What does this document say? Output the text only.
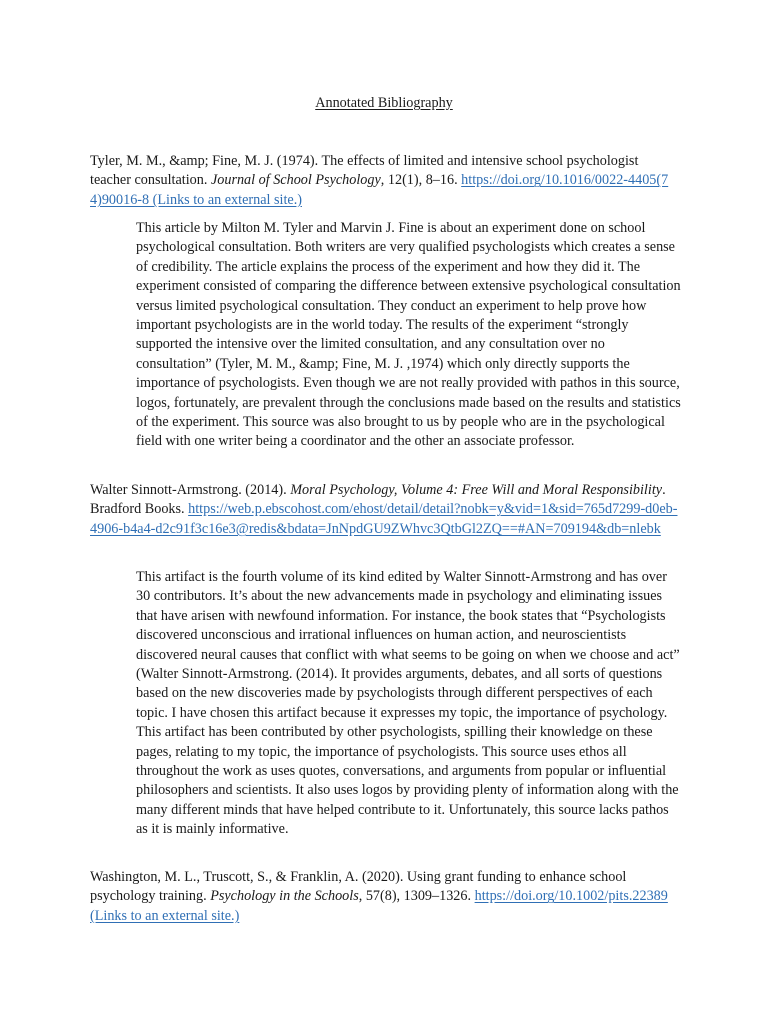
Annotated Bibliography
Tyler, M. M., &amp; Fine, M. J. (1974). The effects of limited and intensive school psychologist teacher consultation. Journal of School Psychology, 12(1), 8–16. https://doi.org/10.1016/0022-4405(74)90016-8 (Links to an external site.)
This article by Milton M. Tyler and Marvin J. Fine is about an experiment done on school psychological consultation. Both writers are very qualified psychologists which creates a sense of credibility. The article explains the process of the experiment and how they did it. The experiment consisted of comparing the difference between extensive psychological consultation versus limited psychological consultation. They conduct an experiment to help prove how important psychologists are in the world today. The results of the experiment “strongly supported the intensive over the limited consultation, and any consultation over no consultation” (Tyler, M. M., &amp; Fine, M. J. ,1974) which only directly supports the importance of psychologists. Even though we are not really provided with pathos in this source, logos, fortunately, are prevalent through the conclusions made based on the results and statistics of the experiment. This source was also brought to us by people who are in the psychological field with one writer being a coordinator and the other an associate professor.
Walter Sinnott-Armstrong. (2014). Moral Psychology, Volume 4: Free Will and Moral Responsibility. Bradford Books. https://web.p.ebscohost.com/ehost/detail/detail?nobk=y&vid=1&sid=765d7299-d0eb-4906-b4a4-d2c91f3c16e3@redis&bdata=JnNpdGU9ZWhvc3QtbGl2ZQ==#AN=709194&db=nlebk
This artifact is the fourth volume of its kind edited by Walter Sinnott-Armstrong and has over 30 contributors. It’s about the new advancements made in psychology and eliminating issues that have arisen with newfound information. For instance, the book states that “Psychologists discovered unconscious and irrational influences on human action, and neuroscientists discovered neural causes that conflict with what seems to be going on when we choose and act” (Walter Sinnott-Armstrong. (2014). It provides arguments, debates, and all sorts of questions based on the new discoveries made by psychologists through different perspectives of each topic. I have chosen this artifact because it expresses my topic, the importance of psychology. This artifact has been contributed by other psychologists, spilling their knowledge on these pages, relating to my topic, the importance of psychologists. This source uses ethos all throughout the work as uses quotes, conversations, and arguments from popular or influential philosophers and scientists. It also uses logos by providing plenty of information along with the many different minds that have helped contribute to it. Unfortunately, this source lacks pathos as it is mainly informative.
Washington, M. L., Truscott, S., & Franklin, A. (2020). Using grant funding to enhance school psychology training. Psychology in the Schools, 57(8), 1309–1326. https://doi.org/10.1002/pits.22389 (Links to an external site.)
